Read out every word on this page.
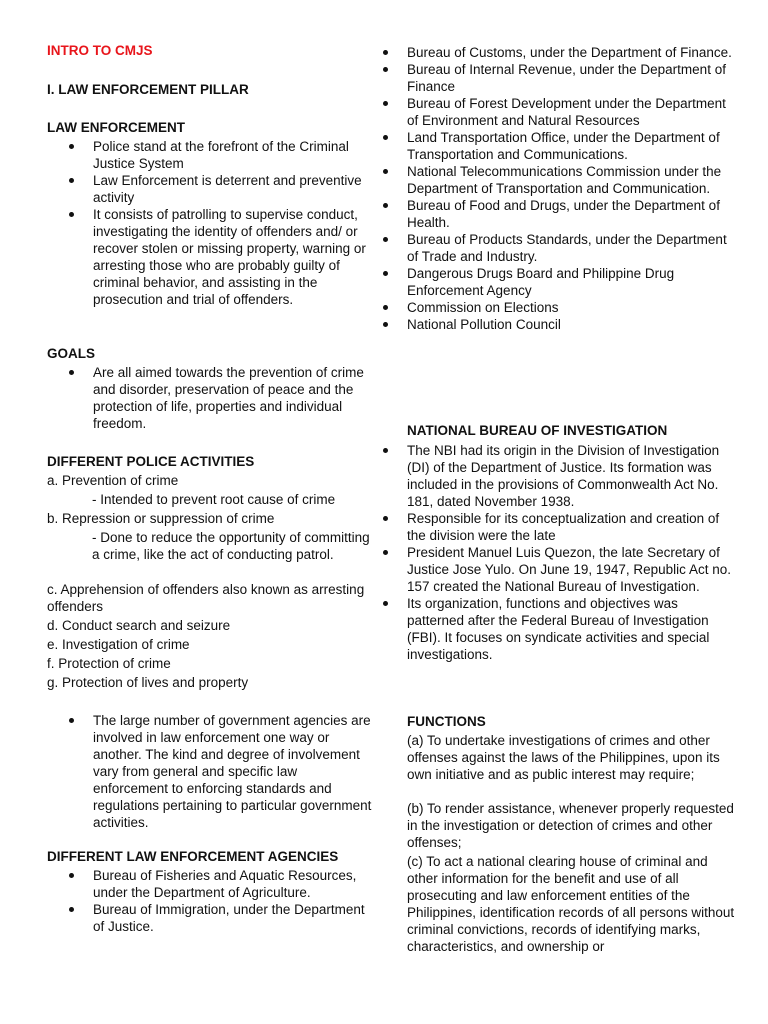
INTRO TO CMJS
I. LAW ENFORCEMENT PILLAR
LAW ENFORCEMENT
Police stand at the forefront of the Criminal Justice System
Law Enforcement is deterrent and preventive activity
It consists of patrolling to supervise conduct, investigating the identity of offenders and/ or recover stolen or missing property, warning or arresting those who are probably guilty of criminal behavior, and assisting in the prosecution and trial of offenders.
GOALS
Are all aimed towards the prevention of crime and disorder, preservation of peace and the protection of life, properties and individual freedom.
DIFFERENT POLICE ACTIVITIES
a. Prevention of crime
- Intended to prevent root cause of crime
b. Repression or suppression of crime
- Done to reduce the opportunity of committing a crime, like the act of conducting patrol.
c. Apprehension of offenders also known as arresting offenders
d. Conduct search and seizure
e. Investigation of crime
f. Protection of crime
g. Protection of lives and property
The large number of government agencies are involved in law enforcement one way or another. The kind and degree of involvement vary from general and specific law enforcement to enforcing standards and regulations pertaining to particular government activities.
DIFFERENT LAW ENFORCEMENT AGENCIES
Bureau of Fisheries and Aquatic Resources, under the Department of Agriculture.
Bureau of Immigration, under the Department of Justice.
Bureau of Customs, under the Department of Finance.
Bureau of Internal Revenue, under the Department of Finance
Bureau of Forest Development under the Department of Environment and Natural Resources
Land Transportation Office, under the Department of Transportation and Communications.
National Telecommunications Commission under the Department of Transportation and Communication.
Bureau of Food and Drugs, under the Department of Health.
Bureau of Products Standards, under the Department of Trade and Industry.
Dangerous Drugs Board and Philippine Drug Enforcement Agency
Commission on Elections
National Pollution Council
NATIONAL BUREAU OF INVESTIGATION
The NBI had its origin in the Division of Investigation (DI) of the Department of Justice. Its formation was included in the provisions of Commonwealth Act No. 181, dated November 1938.
Responsible for its conceptualization and creation of the division were the late
President Manuel Luis Quezon, the late Secretary of Justice Jose Yulo. On June 19, 1947, Republic Act no. 157 created the National Bureau of Investigation.
Its organization, functions and objectives was patterned after the Federal Bureau of Investigation (FBI). It focuses on syndicate activities and special investigations.
FUNCTIONS
(a) To undertake investigations of crimes and other offenses against the laws of the Philippines, upon its own initiative and as public interest may require;
(b) To render assistance, whenever properly requested in the investigation or detection of crimes and other offenses;
(c) To act a national clearing house of criminal and other information for the benefit and use of all prosecuting and law enforcement entities of the Philippines, identification records of all persons without criminal convictions, records of identifying marks, characteristics, and ownership or
